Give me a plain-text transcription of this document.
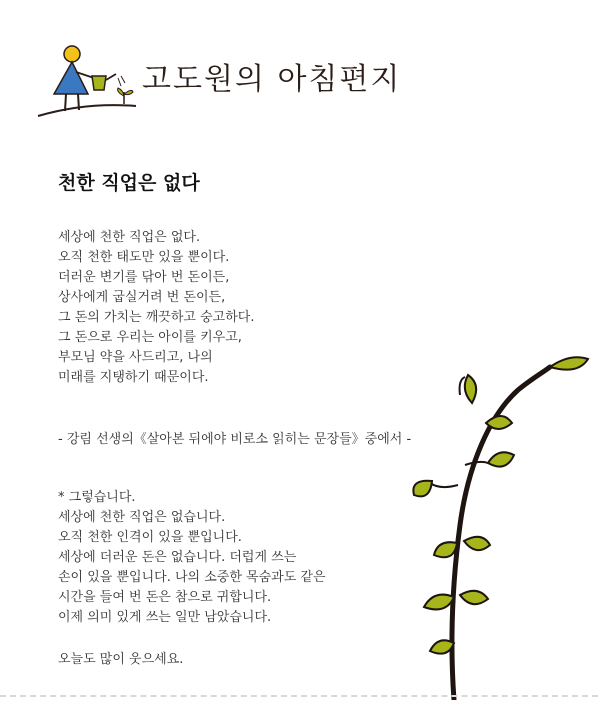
고도원의 아침편지
천한 직업은 없다
세상에 천한 직업은 없다.
오직 천한 태도만 있을 뿐이다.
더러운 변기를 닦아 번 돈이든,
상사에게 굽실거려 번 돈이든,
그 돈의 가치는 깨끗하고 숭고하다.
그 돈으로 우리는 아이를 키우고,
부모님 약을 사드리고, 나의
미래를 지탱하기 때문이다.
- 강림 선생의《살아본 뒤에야 비로소 읽히는 문장들》중에서 -
* 그렇습니다.
세상에 천한 직업은 없습니다.
오직 천한 인격이 있을 뿐입니다.
세상에 더러운 돈은 없습니다. 더럽게 쓰는
손이 있을 뿐입니다. 나의 소중한 목숨과도 같은
시간을 들여 번 돈은 참으로 귀합니다.
이제 의미 있게 쓰는 일만 남았습니다.
오늘도 많이 웃으세요.
